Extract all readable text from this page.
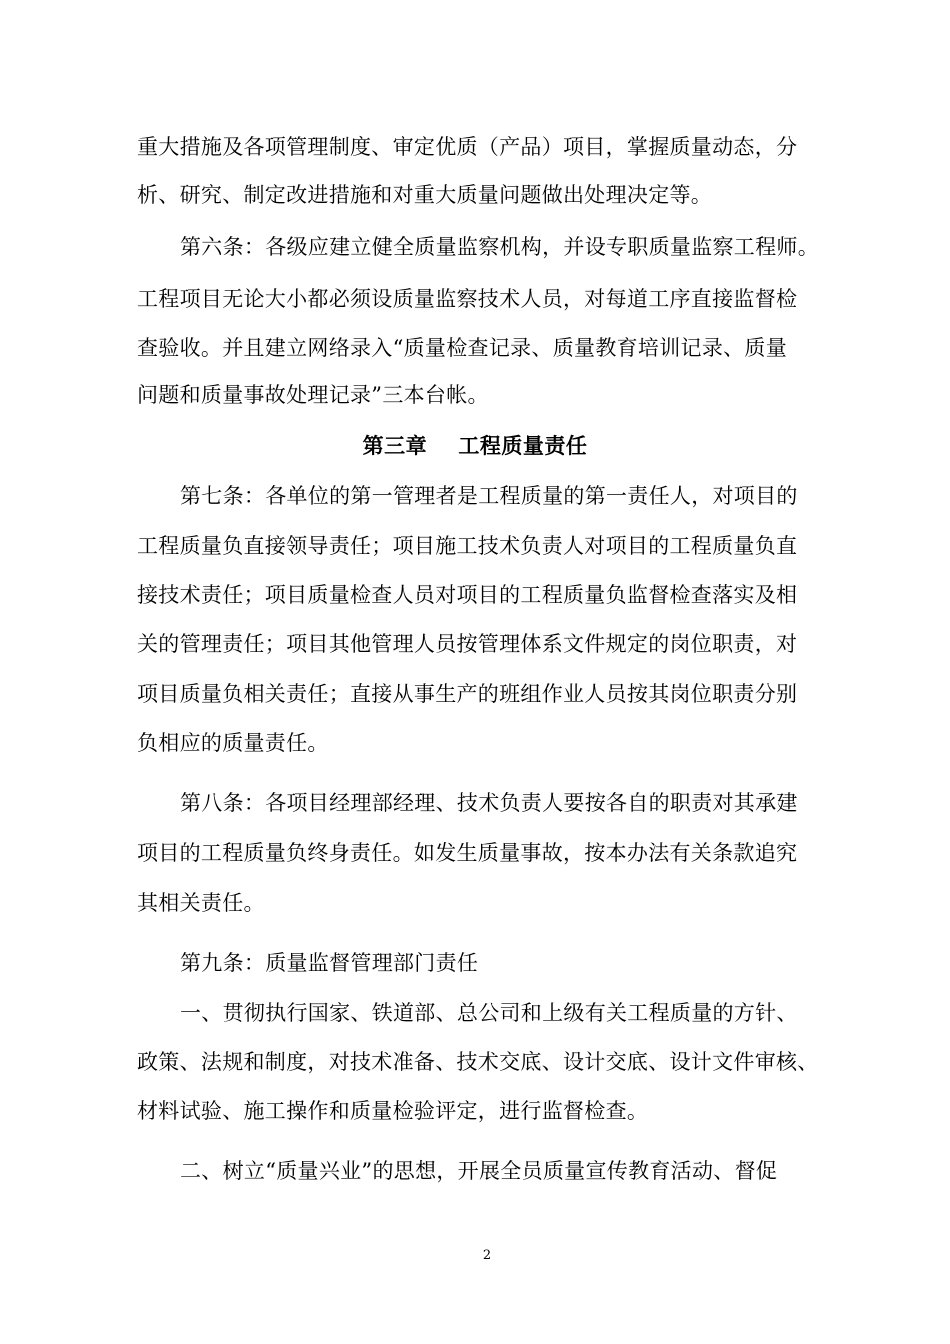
重大措施及各项管理制度、审定优质（产品）项目，掌握质量动态，分
析、研究、制定改进措施和对重大质量问题做出处理决定等。
第六条：各级应建立健全质量监察机构，并设专职质量监察工程师。
工程项目无论大小都必须设质量监察技术人员，对每道工序直接监督检
查验收。并且建立网络录入“质量检查记录、质量教育培训记录、质量
问题和质量事故处理记录”三本台帐。
第三章    工程质量责任
第七条：各单位的第一管理者是工程质量的第一责任人，对项目的
工程质量负直接领导责任；项目施工技术负责人对项目的工程质量负直
接技术责任；项目质量检查人员对项目的工程质量负监督检查落实及相
关的管理责任；项目其他管理人员按管理体系文件规定的岗位职责，对
项目质量负相关责任；直接从事生产的班组作业人员按其岗位职责分别
负相应的质量责任。
第八条：各项目经理部经理、技术负责人要按各自的职责对其承建
项目的工程质量负终身责任。如发生质量事故，按本办法有关条款追究
其相关责任。
第九条：质量监督管理部门责任
一、贯彻执行国家、铁道部、总公司和上级有关工程质量的方针、
政策、法规和制度，对技术准备、技术交底、设计交底、设计文件审核、
材料试验、施工操作和质量检验评定，进行监督检查。
二、树立“质量兴业”的思想，开展全员质量宣传教育活动、督促
2
